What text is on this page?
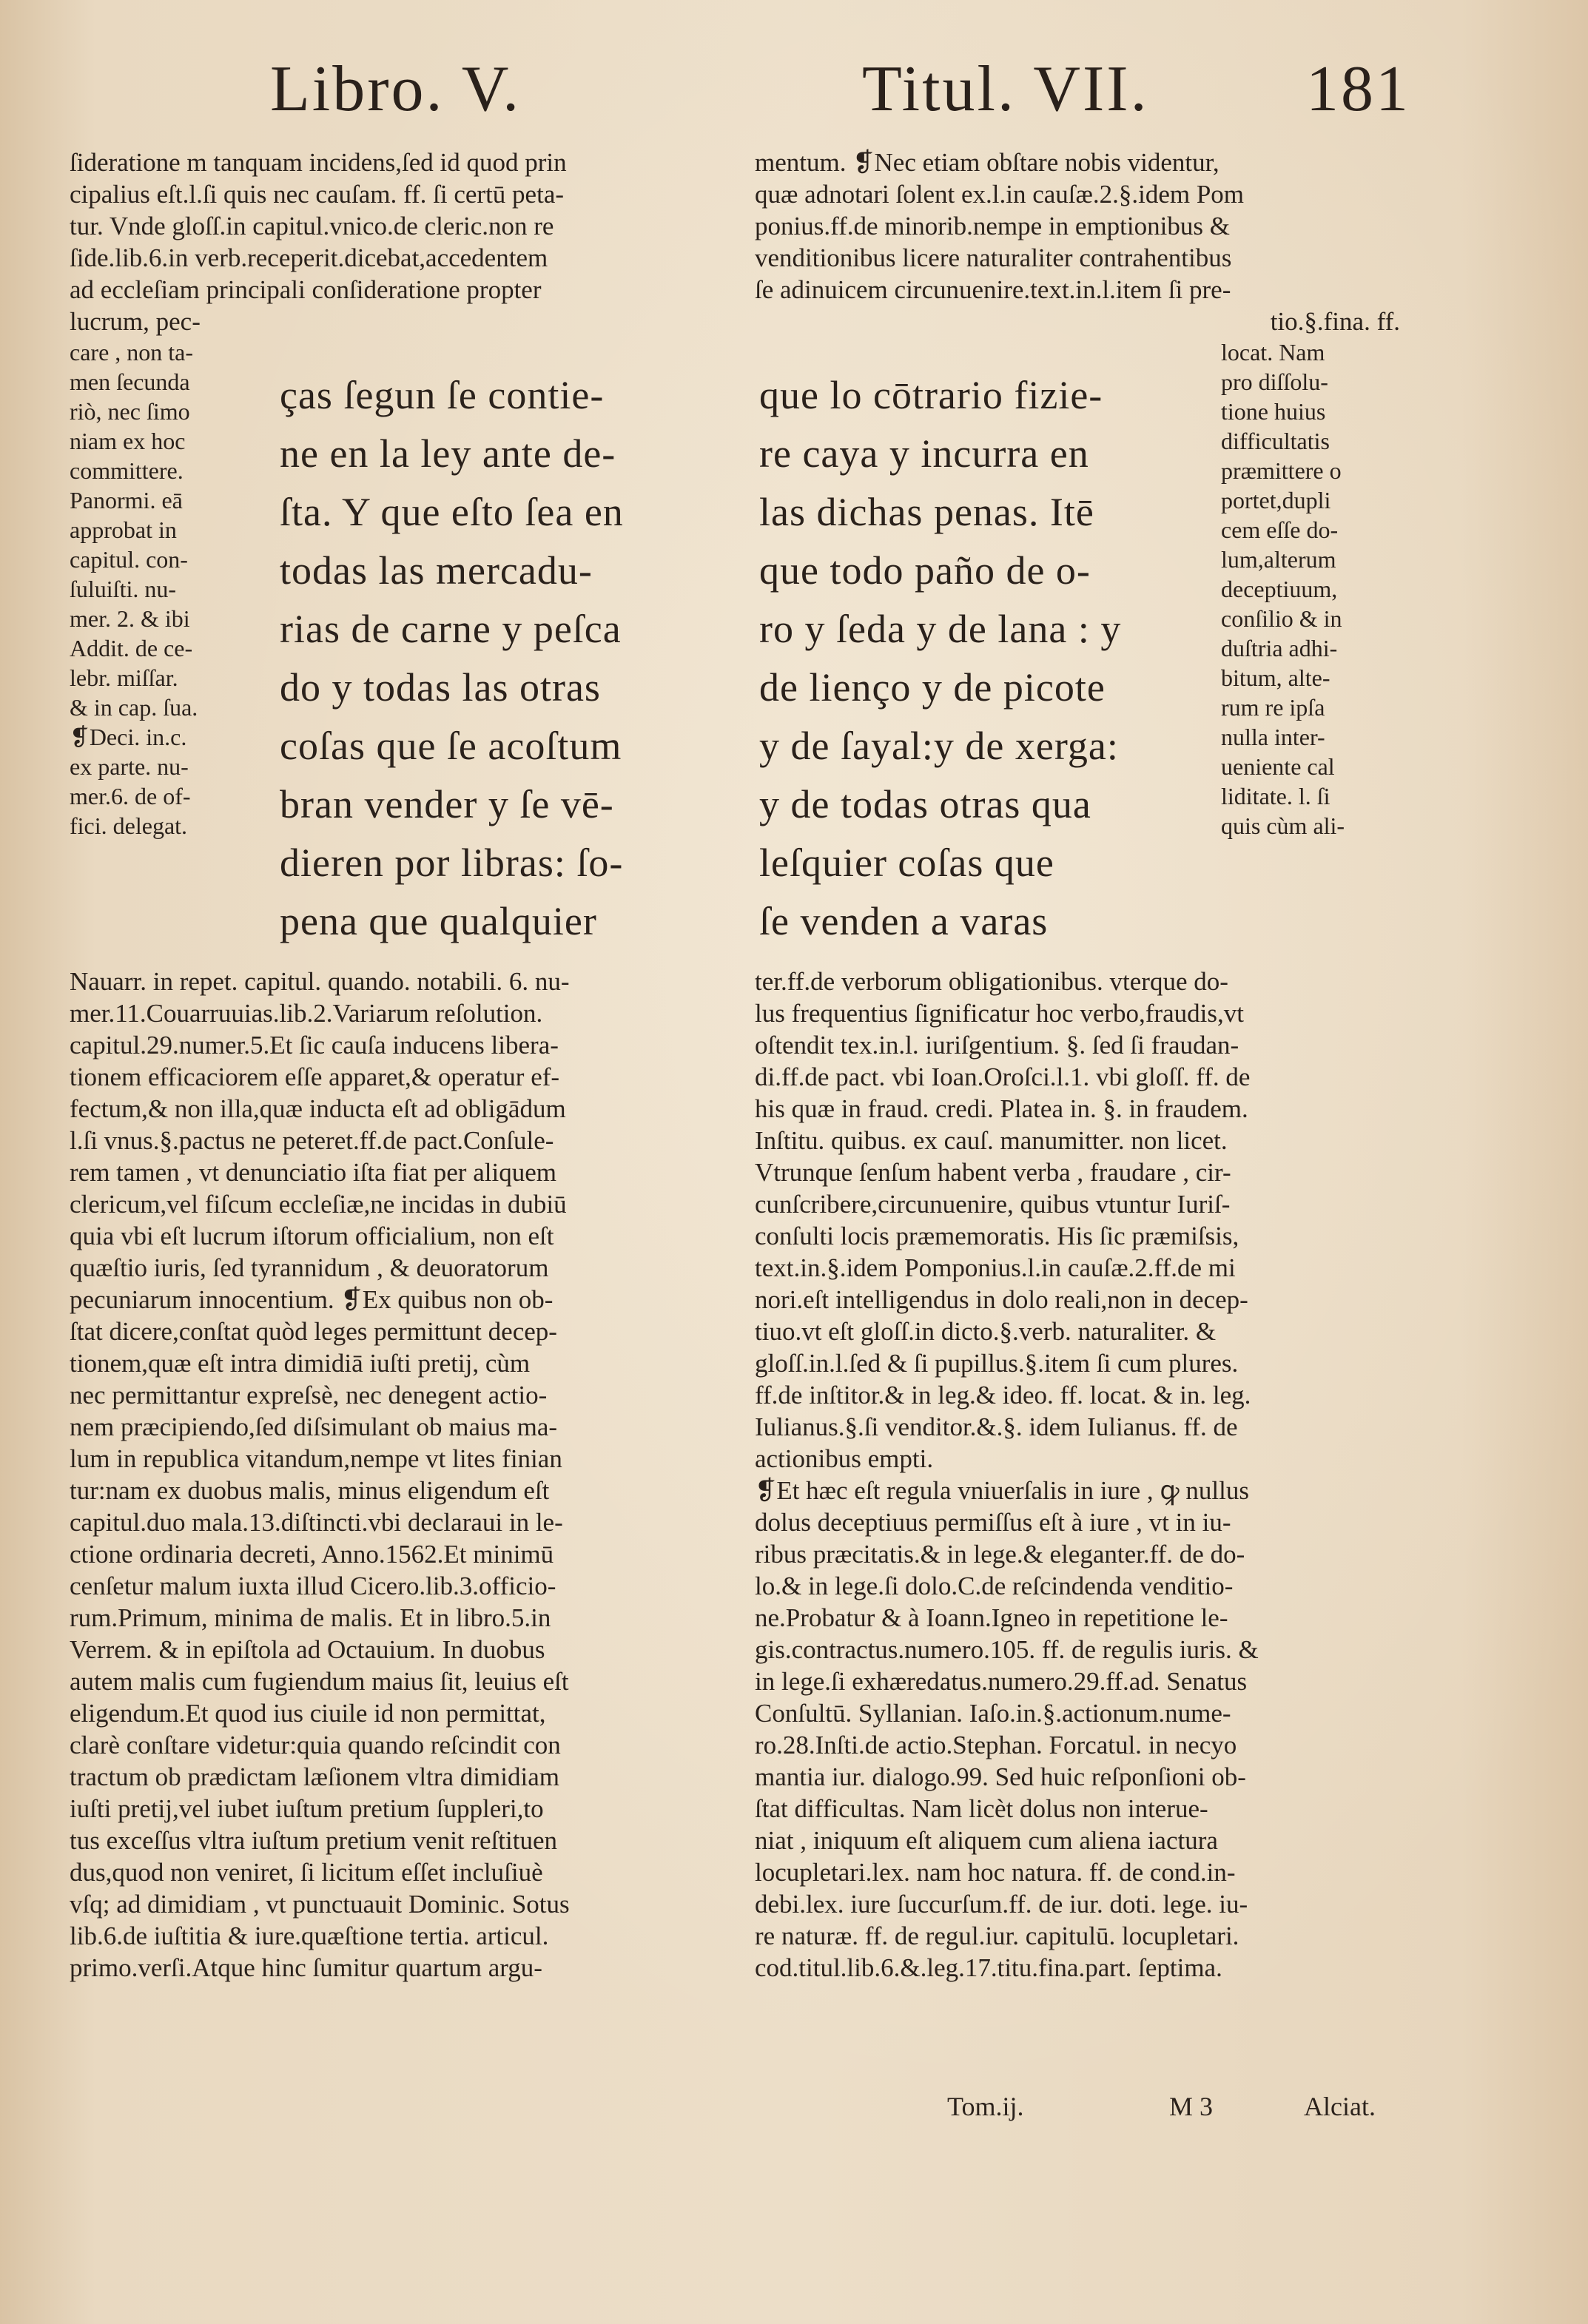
Libro. V.	Titul. VII. 181
ſideratione m tanquam incidens,ſed id quod prin
cipalius eſt.l.ſi quis nec cauſam. ff. ſi certū peta-
tur. Vnde gloſſ.in capitul.vnico.de cleric.non re
ſide.lib.6.in verb.receperit.dicebat,accedentem
ad eccleſiam principali conſideratione propter
lucrum, pec-
care , non ta-
men ſecunda
riò, nec ſimo
niam ex hoc
committere.
Panormi. eā
approbat in
capitul. con-
ſuluiſti. nu-
mer. 2. & ibi
Addit. de ce-
lebr. miſſar.
& in cap. ſua.
❡Deci. in.c.
ex parte. nu-
mer.6. de of-
fici. delegat.
ças ſegun ſe contie-
ne en la ley ante de-
ſta. Y que eſto ſea en
todas las mercadu-
rias de carne y peſca
do y todas las otras
coſas que ſe acoſtum
bran vender y ſe vē-
dieren por libras: ſo-
pena que qualquier
Nauarr. in repet. capitul. quando. notabili. 6. nu-
mer.11.Couarruuias.lib.2.Variarum reſolution.
capitul.29.numer.5.Et ſic cauſa inducens libera-
tionem efficaciorem eſſe apparet,& operatur ef-
fectum,& non illa,quæ inducta eſt ad obligādum
l.ſi vnus.§.pactus ne peteret.ff.de pact.Conſule-
rem tamen , vt denunciatio iſta fiat per aliquem
clericum,vel fiſcum eccleſiæ,ne incidas in dubiū
quia vbi eſt lucrum iſtorum officialium, non eſt
quæſtio iuris, ſed tyrannidum , & deuoratorum
pecuniarum innocentium. ❡Ex quibus non ob-
ſtat dicere,conſtat quòd leges permittunt decep-
tionem,quæ eſt intra dimidiā iuſti pretij, cùm
nec permittantur expreſsè, nec denegent actio-
nem præcipiendo,ſed diſsimulant ob maius ma-
lum in republica vitandum,nempe vt lites finian
tur:nam ex duobus malis, minus eligendum eſt
capitul.duo mala.13.diſtincti.vbi declaraui in le-
ctione ordinaria decreti, Anno.1562.Et minimū
cenſetur malum iuxta illud Cicero.lib.3.officio-
rum.Primum, minima de malis. Et in libro.5.in
Verrem. & in epiſtola ad Octauium. In duobus
autem malis cum fugiendum maius ſit, leuius eſt
eligendum.Et quod ius ciuile id non permittat,
clarè conſtare videtur:quia quando reſcindit con
tractum ob prædictam læſionem vltra dimidiam
iuſti pretij,vel iubet iuſtum pretium ſuppleri,to
tus exceſſus vltra iuſtum pretium venit reſtituen
dus,quod non veniret, ſi licitum eſſet incluſiuè
vſq; ad dimidiam , vt punctuauit Dominic. Sotus
lib.6.de iuſtitia & iure.quæſtione tertia. articul.
primo.verſi.Atque hinc ſumitur quartum argu-
mentum. ❡Nec etiam obſtare nobis videntur,
quæ adnotari ſolent ex.l.in cauſæ.2.§.idem Pom
ponius.ff.de minorib.nempe in emptionibus &
venditionibus licere naturaliter contrahentibus
ſe adinuicem circunuenire.text.in.l.item ſi pre-
tio.§.fina. ff.
que lo cōtrario fizie-
re caya y incurra en
las dichas penas. Itē
que todo paño de o-
ro y ſeda y de lana : y
de lienço y de picote
y de ſayal:y de xerga:
y de todas otras qua
leſquier coſas que
ſe venden a varas
locat. Nam
pro diſſolu-
tione huius
difficultatis
præmittere o
portet,dupli
cem eſſe do-
lum,alterum
deceptiuum,
conſilio & in
duſtria adhi-
bitum, alte-
rum re ipſa
nulla inter-
ueniente cal
liditate. l. ſi
quis cùm ali-
ter.ff.de verborum obligationibus. vterque do-
lus frequentius ſignificatur hoc verbo,fraudis,vt
oſtendit tex.in.l. iuriſgentium. §. ſed ſi fraudan-
di.ff.de pact. vbi Ioan.Oroſci.l.1. vbi gloſſ. ff. de
his quæ in fraud. credi. Platea in. §. in fraudem.
Inſtitu. quibus. ex cauſ. manumitter. non licet.
Vtrunque ſenſum habent verba , fraudare , cir-
cunſcribere,circunuenire, quibus vtuntur Iuriſ-
conſulti locis præmemoratis. His ſic præmiſsis,
text.in.§.idem Pomponius.l.in cauſæ.2.ff.de mi
nori.eſt intelligendus in dolo reali,non in decep-
tiuo.vt eſt gloſſ.in dicto.§.verb. naturaliter. &
gloſſ.in.l.ſed & ſi pupillus.§.item ſi cum plures.
ff.de inſtitor.& in leg.& ideo. ff. locat. & in. leg.
Iulianus.§.ſi venditor.&.§. idem Iulianus. ff. de
actionibus empti.
❡Et hæc eſt regula vniuerſalis in iure , ꝙ nullus
dolus deceptiuus permiſſus eſt à iure , vt in iu-
ribus præcitatis.& in lege.& eleganter.ff. de do-
lo.& in lege.ſi dolo.C.de reſcindenda venditio-
ne.Probatur & à Ioann.Igneo in repetitione le-
gis.contractus.numero.105. ff. de regulis iuris. &
in lege.ſi exhæredatus.numero.29.ff.ad. Senatus
Conſultū. Syllanian. Iaſo.in.§.actionum.nume-
ro.28.Inſti.de actio.Stephan. Forcatul. in necyo
mantia iur. dialogo.99. Sed huic reſponſioni ob-
ſtat difficultas. Nam licèt dolus non interue-
niat , iniquum eſt aliquem cum aliena iactura
locupletari.lex. nam hoc natura. ff. de cond.in-
debi.lex. iure ſuccurſum.ff. de iur. doti. lege. iu-
re naturæ. ff. de regul.iur. capitulū. locupletari.
cod.titul.lib.6.&.leg.17.titu.fina.part. ſeptima.
Tom.ij.	M 3	Alciat.
